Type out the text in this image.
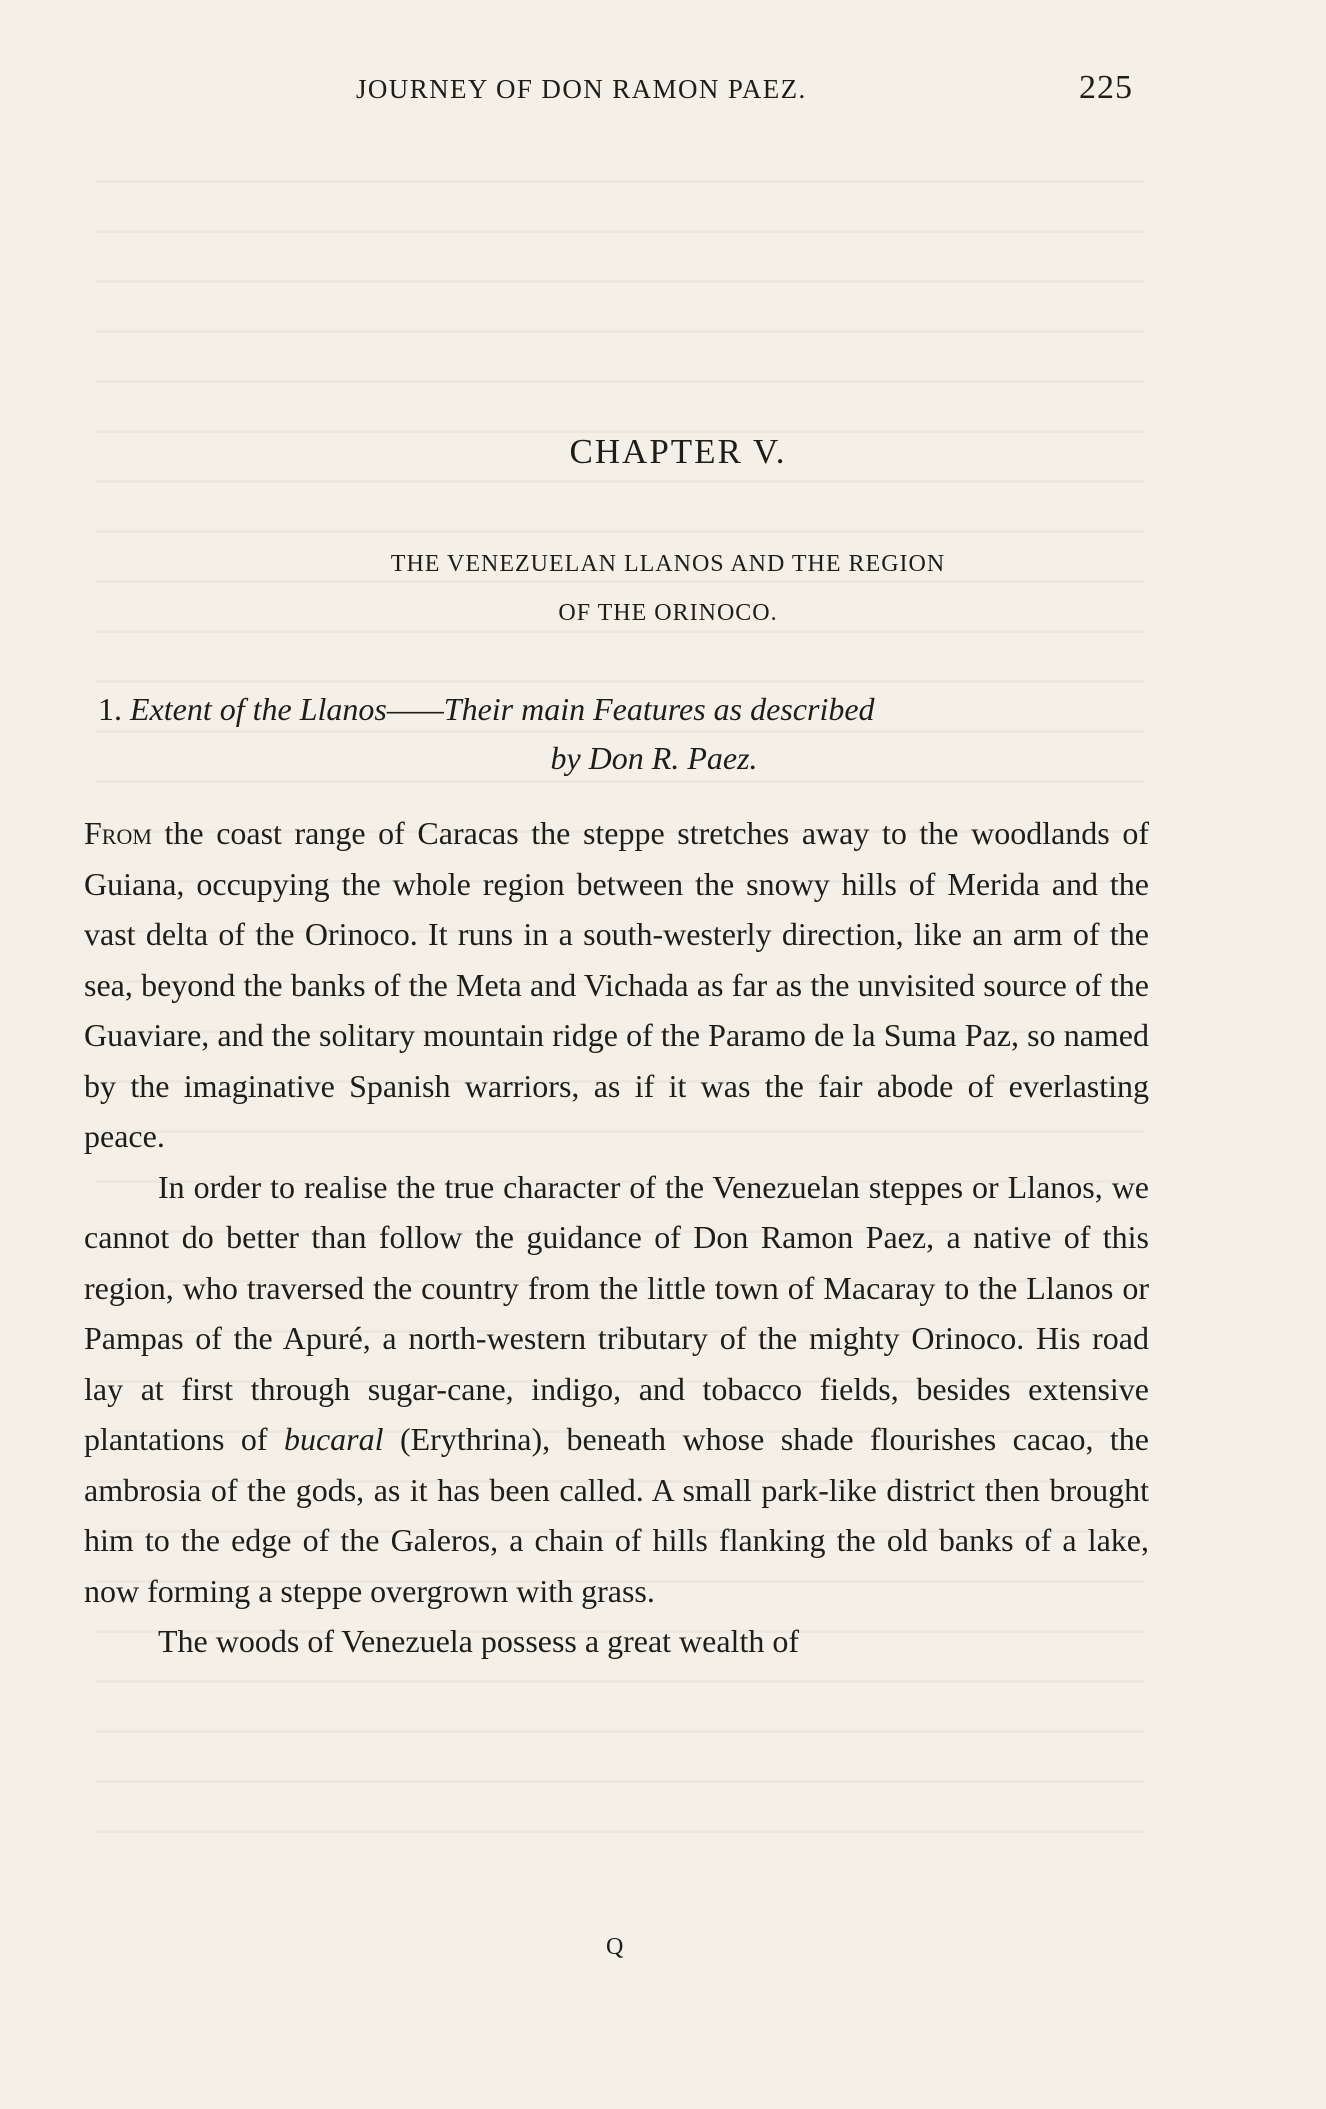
JOURNEY OF DON RAMON PAEZ.	225
CHAPTER V.
THE VENEZUELAN LLANOS AND THE REGION
OF THE ORINOCO.
1. Extent of the Llanos——Their main Features as described
by Don R. Paez.

From the coast range of Caracas the steppe stretches away to the woodlands of Guiana, occupying the whole region between the snowy hills of Merida and the vast delta of the Orinoco. It runs in a south-westerly direction, like an arm of the sea, beyond the banks of the Meta and Vichada as far as the unvisited source of the Guaviare, and the solitary mountain ridge of the Paramo de la Suma Paz, so named by the imaginative Spanish warriors, as if it was the fair abode of everlasting peace.

In order to realise the true character of the Venezuelan steppes or Llanos, we cannot do better than follow the guidance of Don Ramon Paez, a native of this region, who traversed the country from the little town of Macaray to the Llanos or Pampas of the Apuré, a north-western tributary of the mighty Orinoco. His road lay at first through sugar-cane, indigo, and tobacco fields, besides extensive plantations of bucaral (Erythrina), beneath whose shade flourishes cacao, the ambrosia of the gods, as it has been called. A small park-like district then brought him to the edge of the Galeros, a chain of hills flanking the old banks of a lake, now forming a steppe overgrown with grass.

The woods of Venezuela possess a great wealth of

Q
